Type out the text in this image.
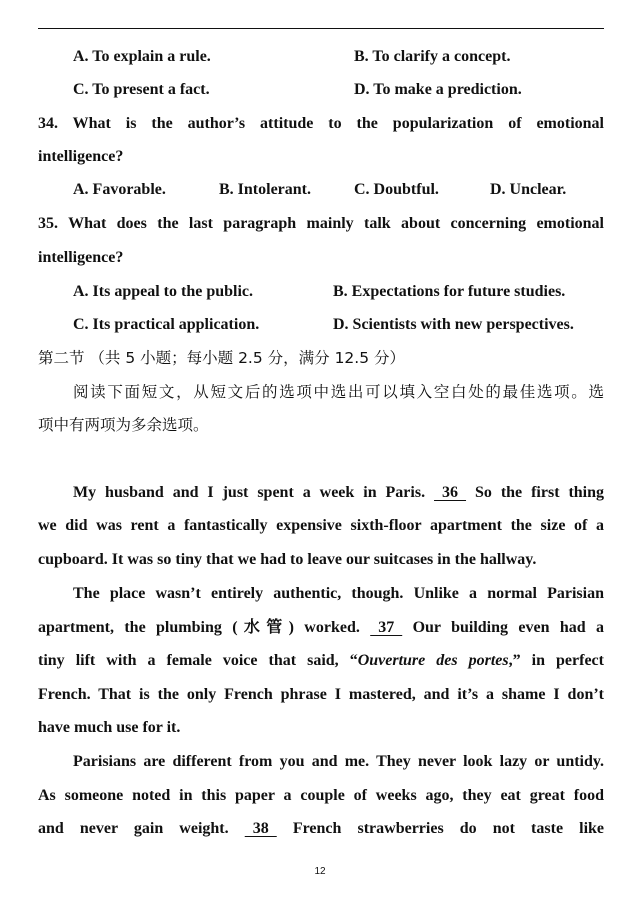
A. To explain a rule.	B. To clarify a concept.
C. To present a fact.	D. To make a prediction.
34. What is the author’s attitude to the popularization of emotional
intelligence?
A. Favorable.	B. Intolerant.	C. Doubtful.	D. Unclear.
35. What does the last paragraph mainly talk about concerning emotional
intelligence?
A. Its appeal to the public.	B. Expectations for future studies.
C. Its practical application.	D. Scientists with new perspectives.
第二节 （共 5 小题；每小题 2.5 分，满分 12.5 分）
阅读下面短文，从短文后的选项中选出可以填入空白处的最佳选项。选
项中有两项为多余选项。
My husband and I just spent a week in Paris.   36   So the first thing
we did was rent a fantastically expensive sixth-floor apartment the size of a
cupboard. It was so tiny that we had to leave our suitcases in the hallway.
The place wasn’t entirely authentic, though. Unlike a normal Parisian
apartment, the plumbing (水管) worked.   37   Our building even had a
tiny lift with a female voice that said, “Ouverture des portes,” in perfect
French. That is the only French phrase I mastered, and it’s a shame I don’t
have much use for it.
Parisians are different from you and me. They never look lazy or untidy.
As someone noted in this paper a couple of weeks ago, they eat great food
and never gain weight.   38   French strawberries do not taste like
12
